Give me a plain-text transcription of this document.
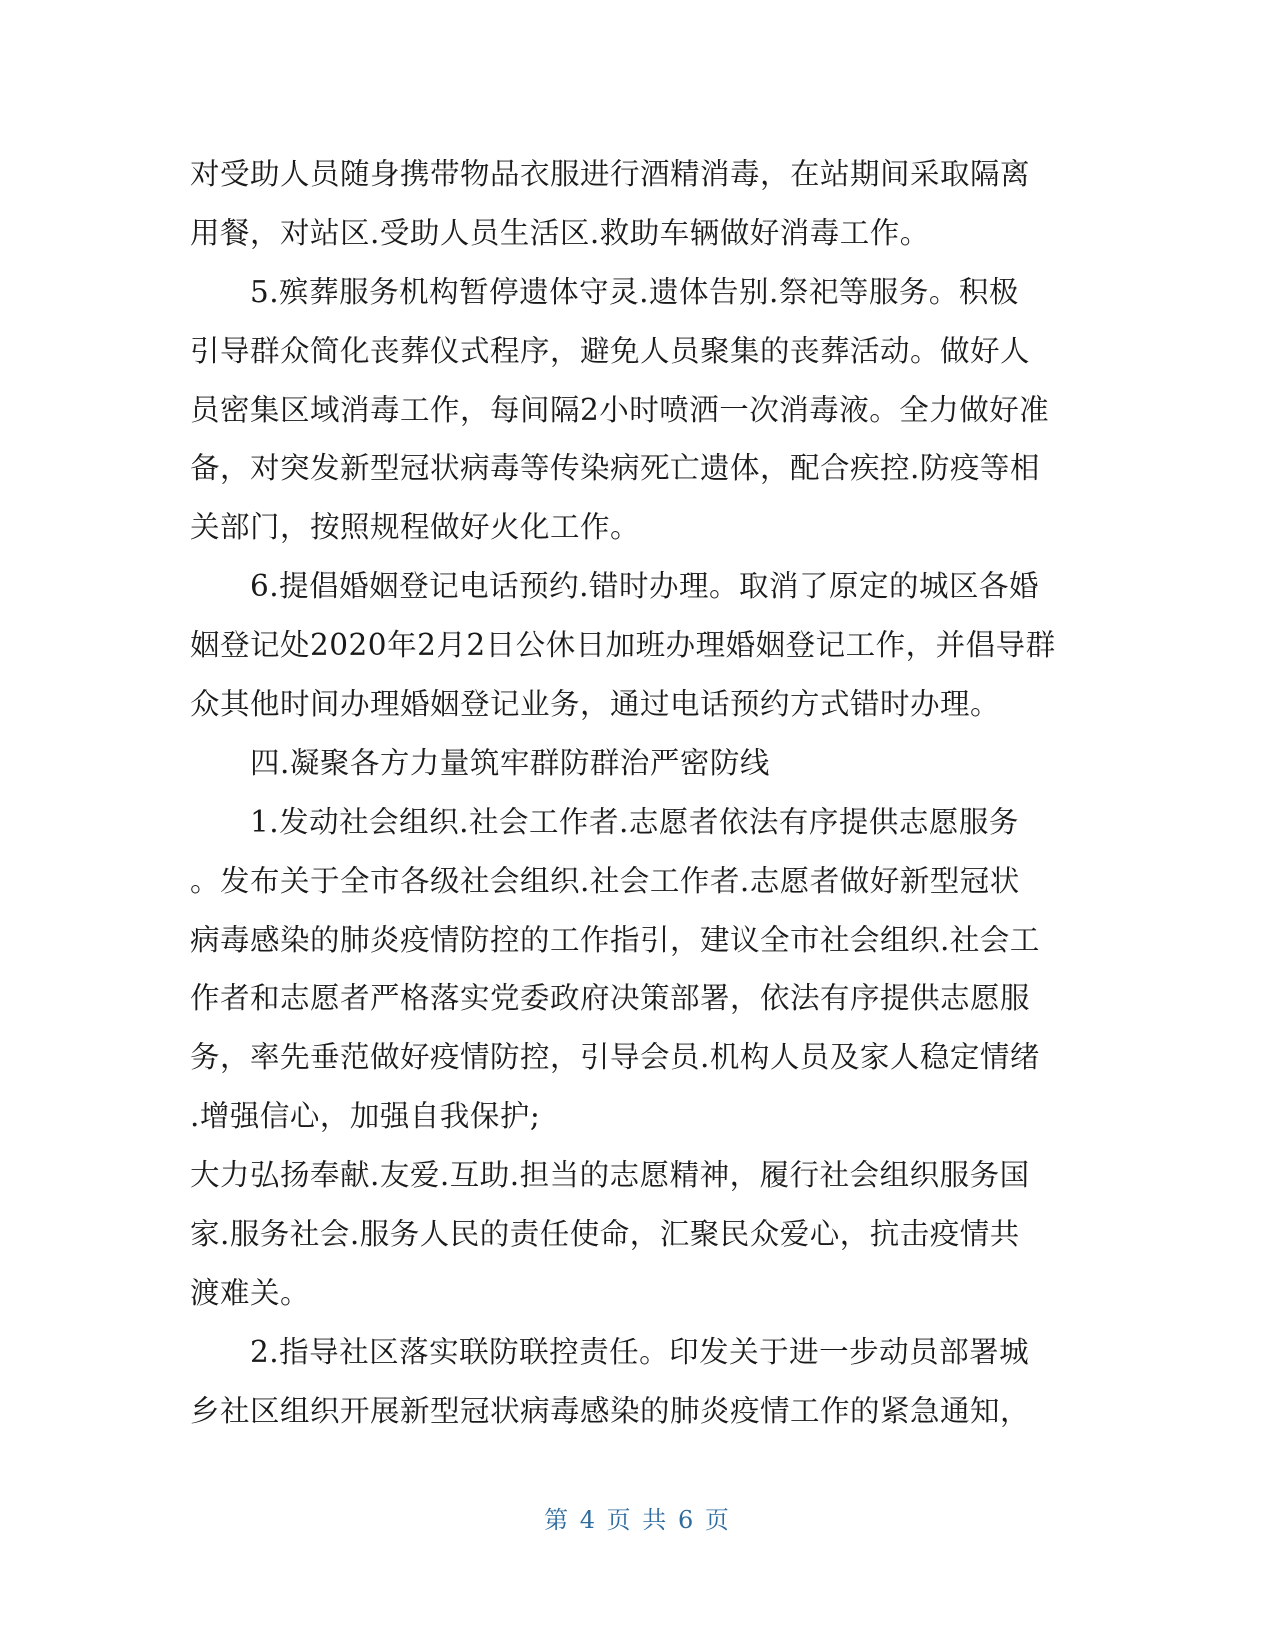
对受助人员随身携带物品衣服进行酒精消毒，在站期间采取隔离
用餐，对站区.受助人员生活区.救助车辆做好消毒工作。
　　5.殡葬服务机构暂停遗体守灵.遗体告别.祭祀等服务。积极
引导群众简化丧葬仪式程序，避免人员聚集的丧葬活动。做好人
员密集区域消毒工作，每间隔2小时喷洒一次消毒液。全力做好准
备，对突发新型冠状病毒等传染病死亡遗体，配合疾控.防疫等相
关部门，按照规程做好火化工作。
　　6.提倡婚姻登记电话预约.错时办理。取消了原定的城区各婚
姻登记处2020年2月2日公休日加班办理婚姻登记工作，并倡导群
众其他时间办理婚姻登记业务，通过电话预约方式错时办理。
　　四.凝聚各方力量筑牢群防群治严密防线
　　1.发动社会组织.社会工作者.志愿者依法有序提供志愿服务
。发布关于全市各级社会组织.社会工作者.志愿者做好新型冠状
病毒感染的肺炎疫情防控的工作指引，建议全市社会组织.社会工
作者和志愿者严格落实党委政府决策部署，依法有序提供志愿服
务，率先垂范做好疫情防控，引导会员.机构人员及家人稳定情绪
.增强信心，加强自我保护;
大力弘扬奉献.友爱.互助.担当的志愿精神，履行社会组织服务国
家.服务社会.服务人民的责任使命，汇聚民众爱心，抗击疫情共
渡难关。
　　2.指导社区落实联防联控责任。印发关于进一步动员部署城
乡社区组织开展新型冠状病毒感染的肺炎疫情工作的紧急通知，
第 4 页 共 6 页
